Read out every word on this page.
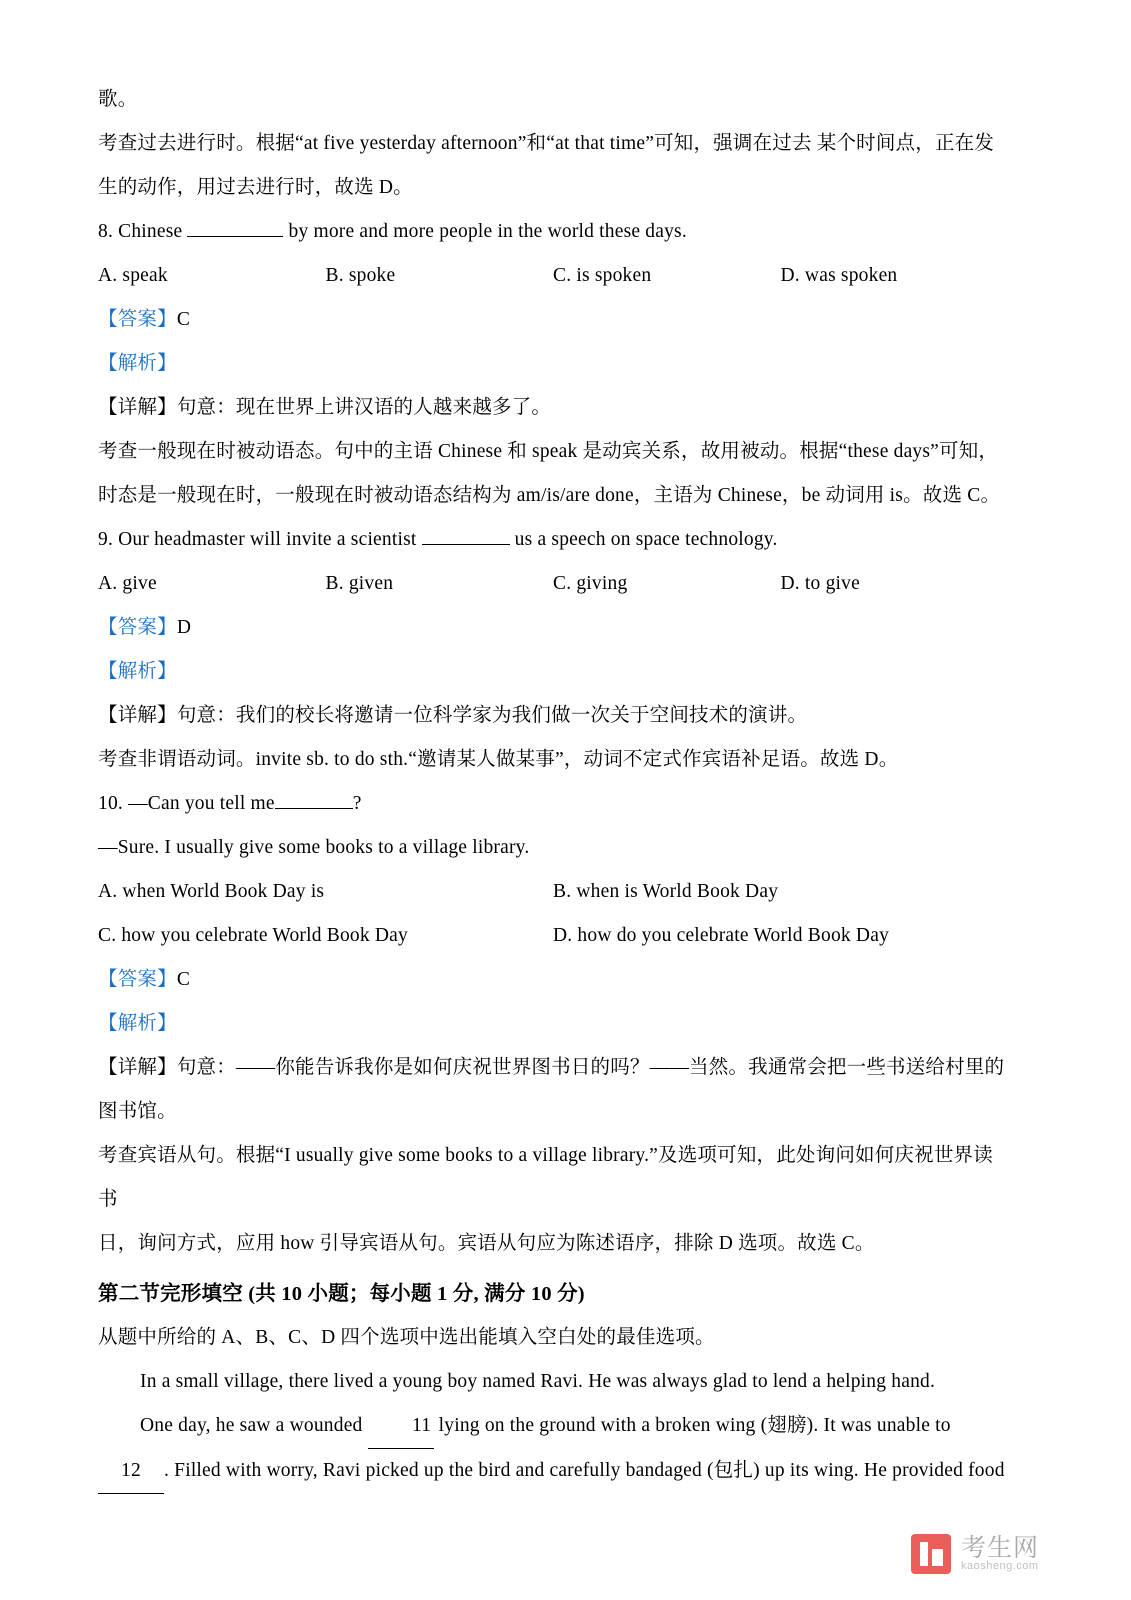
歌。

考查过去进行时。根据“at five yesterday afternoon”和“at that time”可知，强调在过去 某个时间点，正在发

生的动作，用过去进行时，故选 D。

8. Chinese	by more and more people in the world these days.

A. speak	B. spoke	C. is spoken	D. was spoken

【答案】C

【解析】

【详解】句意：现在世界上讲汉语的人越来越多了。

考查一般现在时被动语态。句中的主语 Chinese 和 speak 是动宾关系，故用被动。根据“these days”可知，

时态是一般现在时，一般现在时被动语态结构为 am/is/are done，主语为 Chinese，be 动词用 is。故选 C。

9. Our headmaster will invite a scientist	us a speech on space technology.

A. give	B. given	C. giving	D. to give

【答案】D

【解析】

【详解】句意：我们的校长将邀请一位科学家为我们做一次关于空间技术的演讲。

考查非谓语动词。invite sb. to do sth.“邀请某人做某事”，动词不定式作宾语补足语。故选 D。

10. —Can you tell me	?

—Sure. I usually give some books to a village library.

A. when World Book Day is	B. when is World Book Day

C. how you celebrate World Book Day	D. how do you celebrate World Book Day

【答案】C

【解析】

【详解】句意：——你能告诉我你是如何庆祝世界图书日的吗？——当然。我通常会把一些书送给村里的

图书馆。

考查宾语从句。根据“I usually give some books to a village library.”及选项可知，此处询问如何庆祝世界读书

日，询问方式，应用 how 引导宾语从句。宾语从句应为陈述语序，排除 D 选项。故选 C。

第二节完形填空 (共 10 小题；每小题 1 分, 满分 10 分)

从题中所给的 A、B、C、D 四个选项中选出能填入空白处的最佳选项。

In a small village, there lived a young boy named Ravi. He was always glad to lend a helping hand.

One day, he saw a wounded 11 lying on the ground with a broken wing (翅膀). It was unable to

12 . Filled with worry, Ravi picked up the bird and carefully bandaged (包扎) up its wing. He provided food

考生网
kaosheng.com
